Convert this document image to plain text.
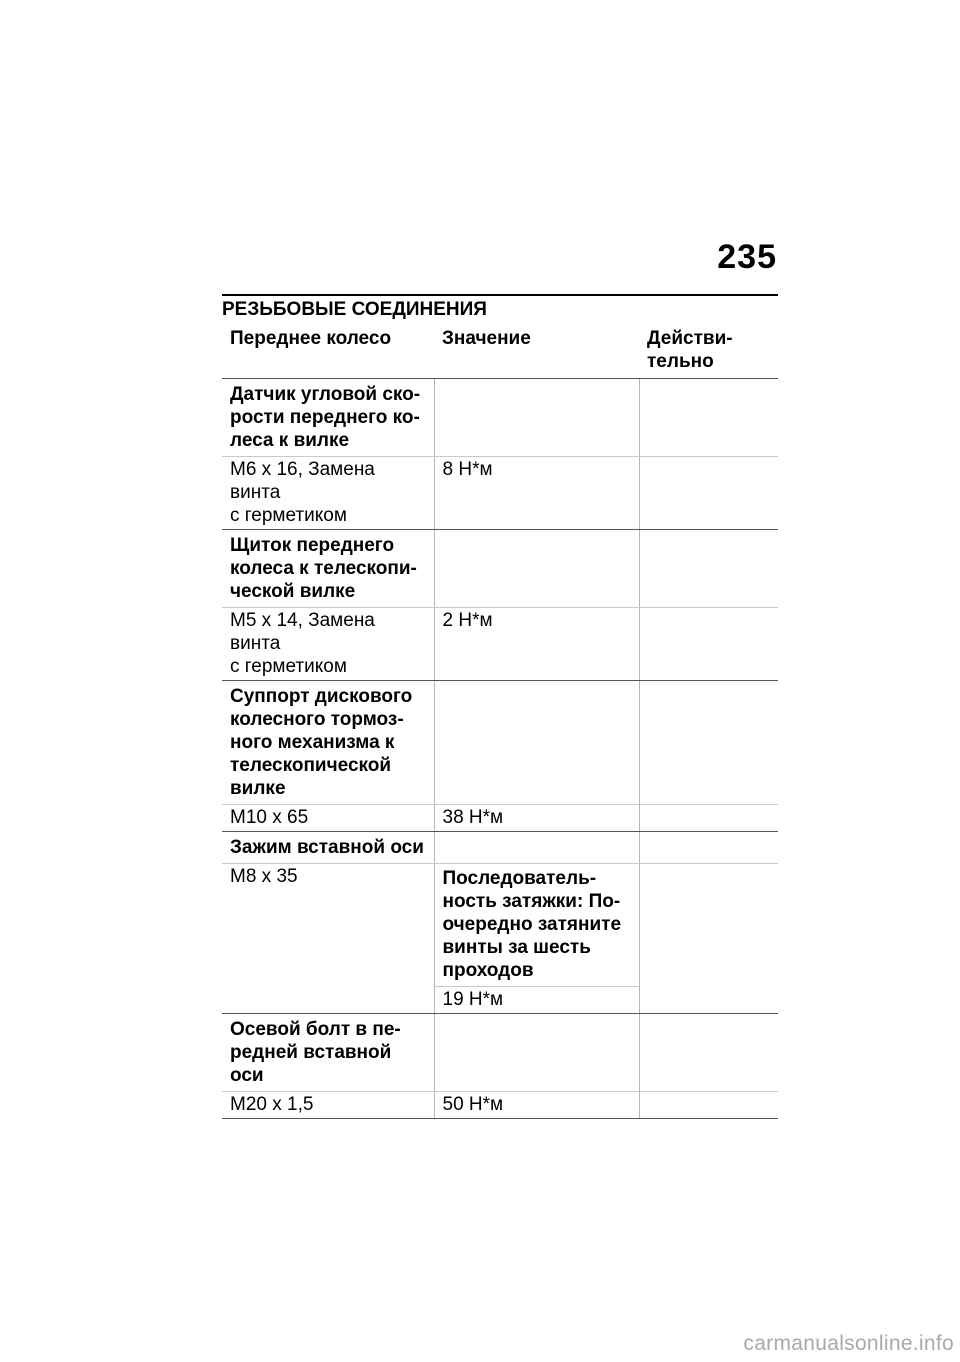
235
РЕЗЬБОВЫЕ СОЕДИНЕНИЯ
Переднее колесо	Значение	Действи-
тельно
Датчик угловой ско-
рости переднего ко-
леса к вилке		
M6 x 16, Замена винта
с герметиком	8 Н*м	
Щиток переднего
колеса к телескопи-
ческой вилке		
M5 x 14, Замена винта
с герметиком	2 Н*м	
Суппорт дискового
колесного тормоз-
ного механизма к
телескопической
вилке		
M10 x 65	38 Н*м	
Зажим вставной оси		
M8 x 35	Последователь-
ность затяжки: По-
очередно затяните
винты за шесть
проходов	
	19 Н*м	
Осевой болт в пе-
редней вставной
оси		
M20 x 1,5	50 Н*м	
carmanualsonline.info
